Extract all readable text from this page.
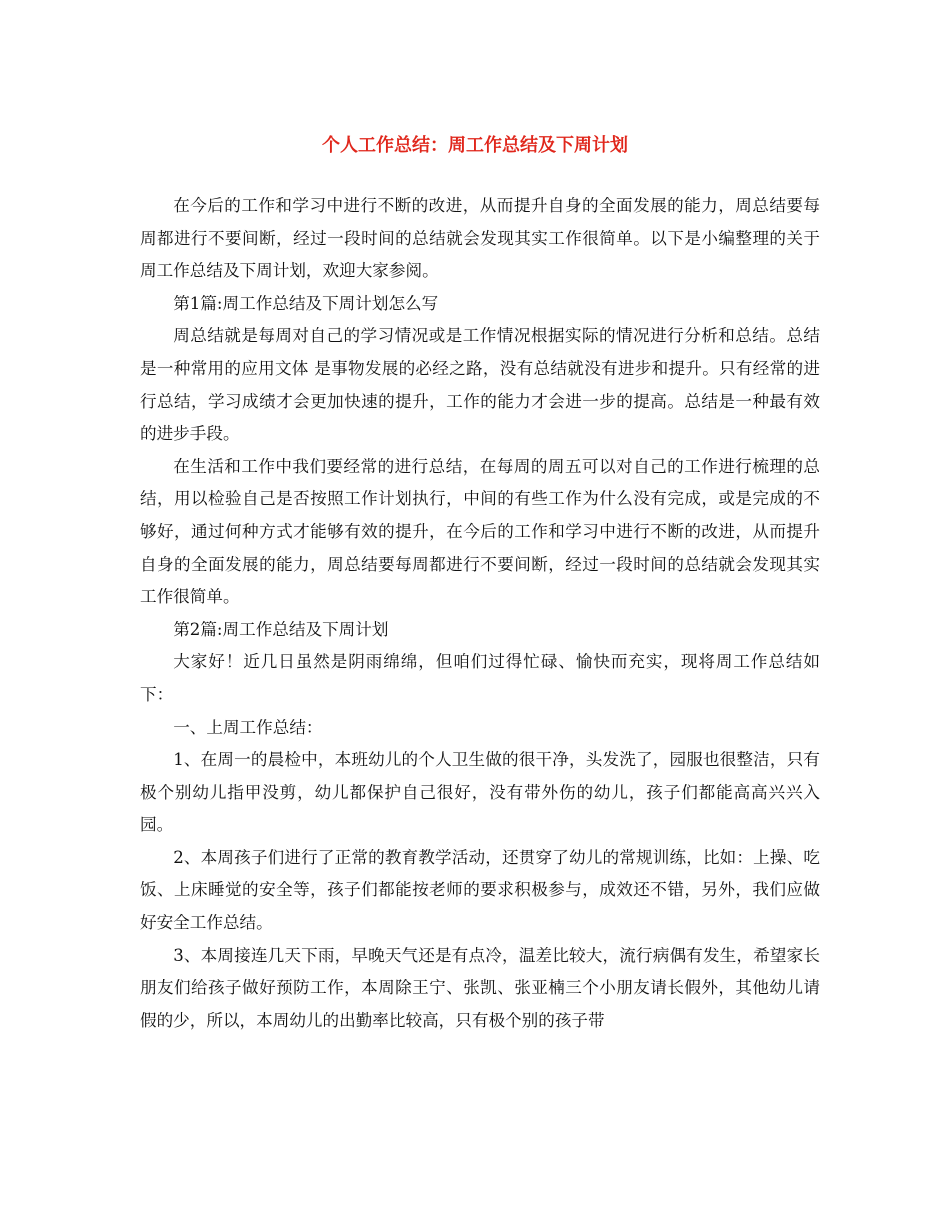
个人工作总结：周工作总结及下周计划

在今后的工作和学习中进行不断的改进，从而提升自身的全面发展的能力，周总结要每周都进行不要间断，经过一段时间的总结就会发现其实工作很简单。以下是小编整理的关于周工作总结及下周计划，欢迎大家参阅。

第1篇:周工作总结及下周计划怎么写

周总结就是每周对自己的学习情况或是工作情况根据实际的情况进行分析和总结。总结是一种常用的应用文体 是事物发展的必经之路，没有总结就没有进步和提升。只有经常的进行总结，学习成绩才会更加快速的提升，工作的能力才会进一步的提高。总结是一种最有效的进步手段。

在生活和工作中我们要经常的进行总结，在每周的周五可以对自己的工作进行梳理的总结，用以检验自己是否按照工作计划执行，中间的有些工作为什么没有完成，或是完成的不够好，通过何种方式才能够有效的提升，在今后的工作和学习中进行不断的改进，从而提升自身的全面发展的能力，周总结要每周都进行不要间断，经过一段时间的总结就会发现其实工作很简单。

第2篇:周工作总结及下周计划

大家好！近几日虽然是阴雨绵绵，但咱们过得忙碌、愉快而充实，现将周工作总结如下：

一、上周工作总结：

1、在周一的晨检中，本班幼儿的个人卫生做的很干净，头发洗了，园服也很整洁，只有极个别幼儿指甲没剪，幼儿都保护自己很好，没有带外伤的幼儿，孩子们都能高高兴兴入园。

2、本周孩子们进行了正常的教育教学活动，还贯穿了幼儿的常规训练，比如：上操、吃饭、上床睡觉的安全等，孩子们都能按老师的要求积极参与，成效还不错，另外，我们应做好安全工作总结。

3、本周接连几天下雨，早晚天气还是有点冷，温差比较大，流行病偶有发生，希望家长朋友们给孩子做好预防工作，本周除王宁、张凯、张亚楠三个小朋友请长假外，其他幼儿请假的少，所以，本周幼儿的出勤率比较高，只有极个别的孩子带
